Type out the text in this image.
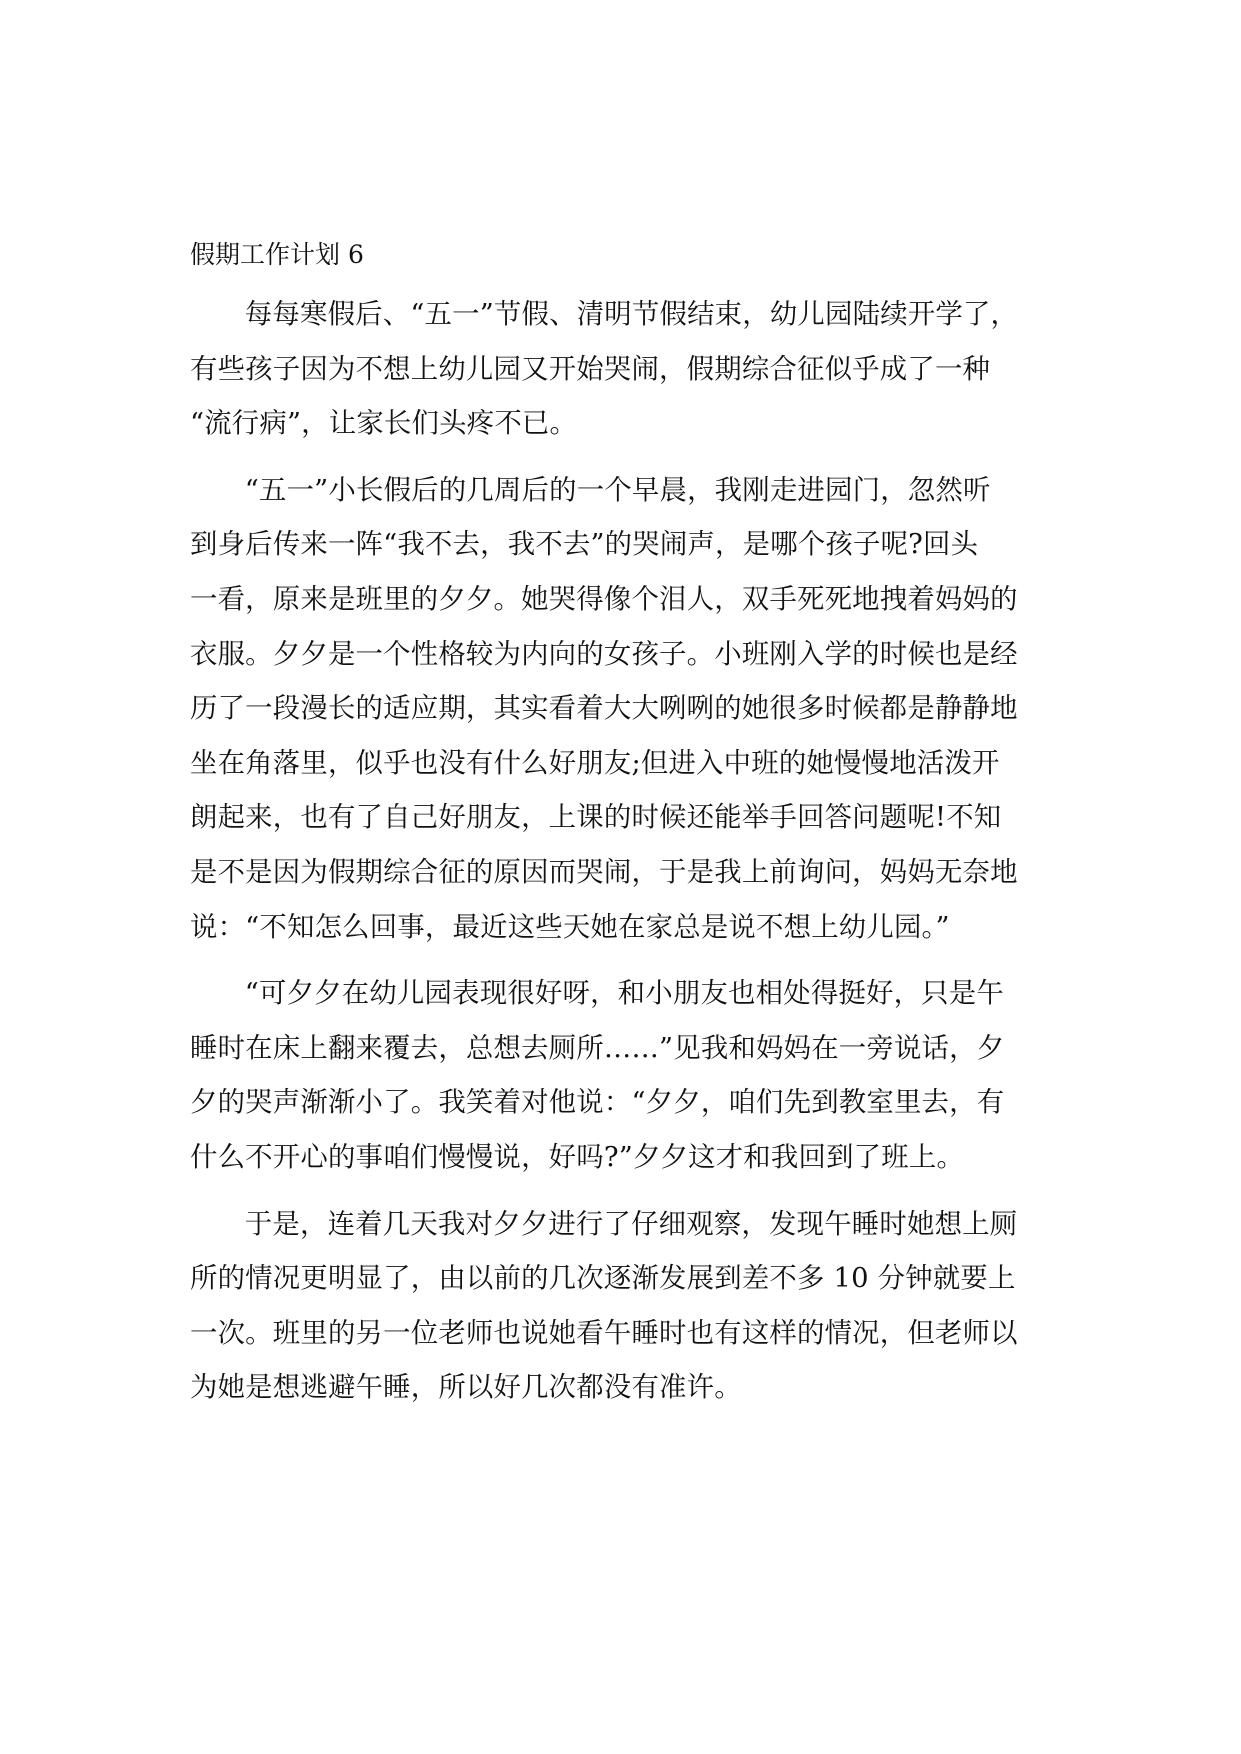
假期工作计划 6
每每寒假后、“五一”节假、清明节假结束，幼儿园陆续开学了，
有些孩子因为不想上幼儿园又开始哭闹，假期综合征似乎成了一种
“流行病”，让家长们头疼不已。
“五一”小长假后的几周后的一个早晨，我刚走进园门，忽然听
到身后传来一阵“我不去，我不去”的哭闹声，是哪个孩子呢?回头
一看，原来是班里的夕夕。她哭得像个泪人，双手死死地拽着妈妈的
衣服。夕夕是一个性格较为内向的女孩子。小班刚入学的时候也是经
历了一段漫长的适应期，其实看着大大咧咧的她很多时候都是静静地
坐在角落里，似乎也没有什么好朋友;但进入中班的她慢慢地活泼开
朗起来，也有了自己好朋友，上课的时候还能举手回答问题呢!不知
是不是因为假期综合征的原因而哭闹，于是我上前询问，妈妈无奈地
说：“不知怎么回事，最近这些天她在家总是说不想上幼儿园。”
“可夕夕在幼儿园表现很好呀，和小朋友也相处得挺好，只是午
睡时在床上翻来覆去，总想去厕所……”见我和妈妈在一旁说话，夕
夕的哭声渐渐小了。我笑着对他说：“夕夕，咱们先到教室里去，有
什么不开心的事咱们慢慢说，好吗?”夕夕这才和我回到了班上。
于是，连着几天我对夕夕进行了仔细观察，发现午睡时她想上厕
所的情况更明显了，由以前的几次逐渐发展到差不多 10 分钟就要上
一次。班里的另一位老师也说她看午睡时也有这样的情况，但老师以
为她是想逃避午睡，所以好几次都没有准许。
